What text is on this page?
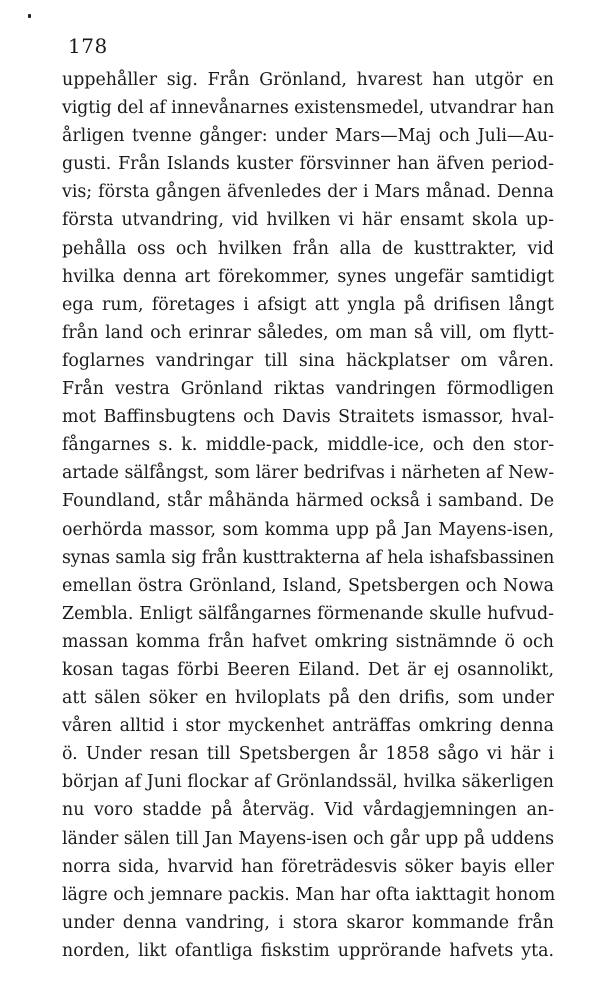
178
uppehåller sig. Från Grönland, hvarest han utgör en
vigtig del af innevånarnes existensmedel, utvandrar han
årligen tvenne gånger: under Mars—Maj och Juli—Au-
gusti. Från Islands kuster försvinner han äfven period-
vis; första gången äfvenledes der i Mars månad. Denna
första utvandring, vid hvilken vi här ensamt skola up-
pehålla oss och hvilken från alla de kusttrakter, vid
hvilka denna art förekommer, synes ungefär samtidigt
ega rum, företages i afsigt att yngla på drifisen långt
från land och erinrar således, om man så vill, om flytt-
foglarnes vandringar till sina häckplatser om våren.
Från vestra Grönland riktas vandringen förmodligen
mot Baffinsbugtens och Davis Straitets ismassor, hval-
fångarnes s. k. middle-pack, middle-ice, och den stor-
artade sälfångst, som lärer bedrifvas i närheten af New-
Foundland, står måhända härmed också i samband. De
oerhörda massor, som komma upp på Jan Mayens-isen,
synas samla sig från kusttrakterna af hela ishafsbassinen
emellan östra Grönland, Island, Spetsbergen och Nowa
Zembla. Enligt sälfångarnes förmenande skulle hufvud-
massan komma från hafvet omkring sistnämnde ö och
kosan tagas förbi Beeren Eiland. Det är ej osannolikt,
att sälen söker en hviloplats på den drifis, som under
våren alltid i stor myckenhet anträffas omkring denna
ö. Under resan till Spetsbergen år 1858 sågo vi här i
början af Juni flockar af Grönlandssäl, hvilka säkerligen
nu voro stadde på återväg. Vid vårdagjemningen an-
länder sälen till Jan Mayens-isen och går upp på uddens
norra sida, hvarvid han företrädesvis söker bayis eller
lägre och jemnare packis. Man har ofta iakttagit honom
under denna vandring, i stora skaror kommande från
norden, likt ofantliga fiskstim upprörande hafvets yta.
